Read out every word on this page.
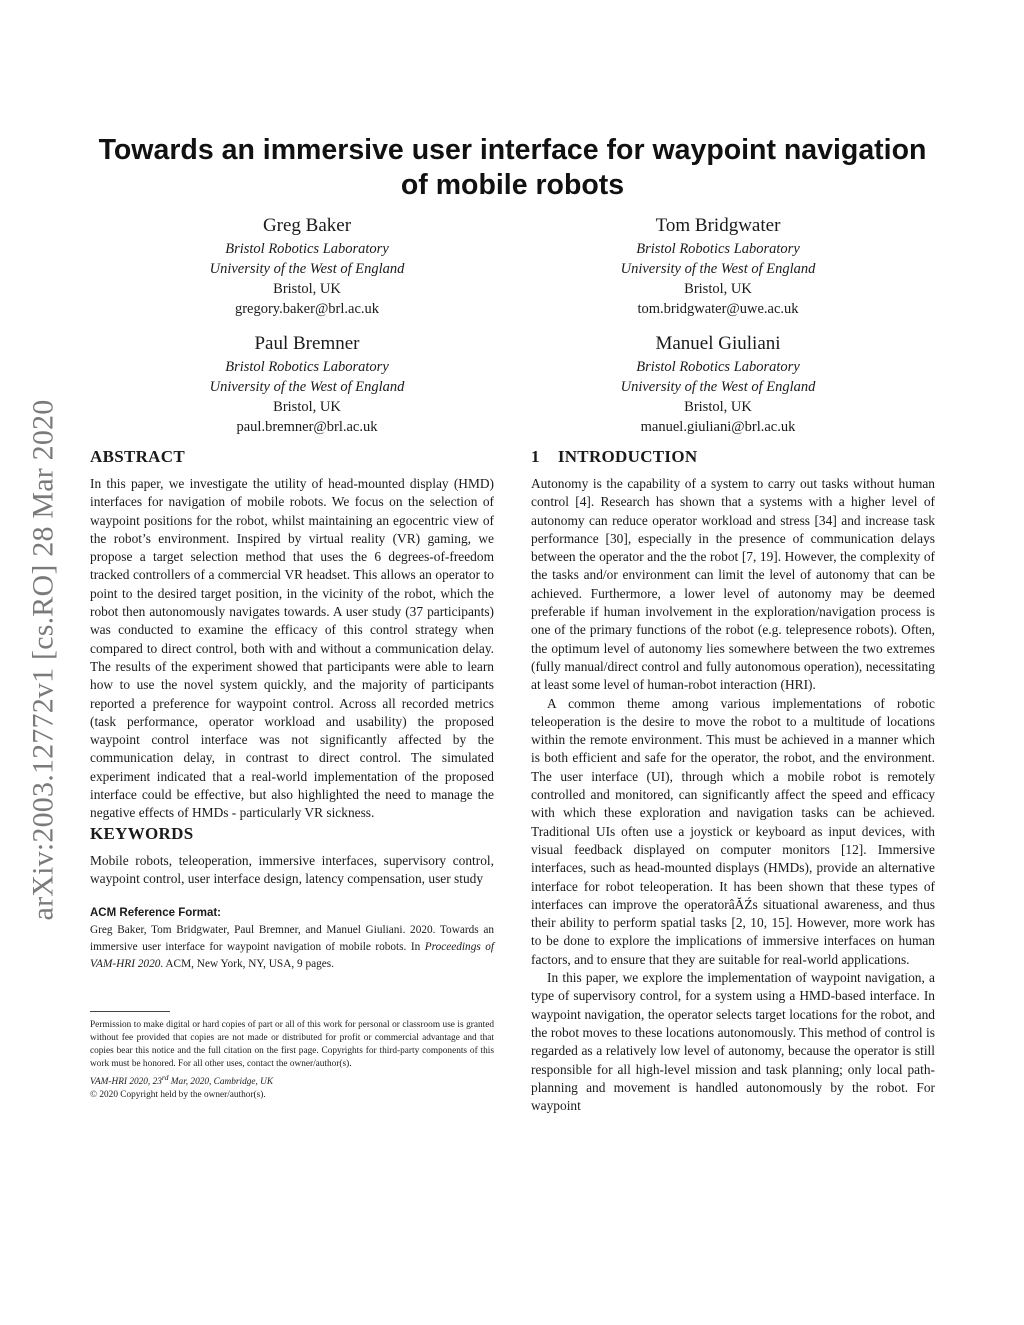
arXiv:2003.12772v1 [cs.RO] 28 Mar 2020
Towards an immersive user interface for waypoint navigation of mobile robots
Greg Baker
Bristol Robotics Laboratory
University of the West of England
Bristol, UK
gregory.baker@brl.ac.uk
Tom Bridgwater
Bristol Robotics Laboratory
University of the West of England
Bristol, UK
tom.bridgwater@uwe.ac.uk
Paul Bremner
Bristol Robotics Laboratory
University of the West of England
Bristol, UK
paul.bremner@brl.ac.uk
Manuel Giuliani
Bristol Robotics Laboratory
University of the West of England
Bristol, UK
manuel.giuliani@brl.ac.uk
ABSTRACT

In this paper, we investigate the utility of head-mounted display (HMD) interfaces for navigation of mobile robots. We focus on the selection of waypoint positions for the robot, whilst maintaining an egocentric view of the robot’s environment. Inspired by virtual reality (VR) gaming, we propose a target selection method that uses the 6 degrees-of-freedom tracked controllers of a commercial VR headset. This allows an operator to point to the desired target position, in the vicinity of the robot, which the robot then autonomously navigates towards. A user study (37 participants) was conducted to examine the efficacy of this control strategy when compared to direct control, both with and without a communication delay. The results of the experiment showed that participants were able to learn how to use the novel system quickly, and the majority of participants reported a preference for waypoint control. Across all recorded metrics (task performance, operator workload and usability) the proposed waypoint control interface was not significantly affected by the communication delay, in contrast to direct control. The simulated experiment indicated that a real-world implementation of the proposed interface could be effective, but also highlighted the need to manage the negative effects of HMDs - particularly VR sickness.

KEYWORDS

Mobile robots, teleoperation, immersive interfaces, supervisory control, waypoint control, user interface design, latency compensation, user study

ACM Reference Format:
Greg Baker, Tom Bridgwater, Paul Bremner, and Manuel Giuliani. 2020. Towards an immersive user interface for waypoint navigation of mobile robots. In Proceedings of VAM-HRI 2020. ACM, New York, NY, USA, 9 pages.
Permission to make digital or hard copies of part or all of this work for personal or classroom use is granted without fee provided that copies are not made or distributed for profit or commercial advantage and that copies bear this notice and the full citation on the first page. Copyrights for third-party components of this work must be honored. For all other uses, contact the owner/author(s).
VAM-HRI 2020, 23rd Mar, 2020, Cambridge, UK
© 2020 Copyright held by the owner/author(s).
1 INTRODUCTION

Autonomy is the capability of a system to carry out tasks without human control [4]. Research has shown that a systems with a higher level of autonomy can reduce operator workload and stress [34] and increase task performance [30], especially in the presence of communication delays between the operator and the the robot [7, 19]. However, the complexity of the tasks and/or environment can limit the level of autonomy that can be achieved. Furthermore, a lower level of autonomy may be deemed preferable if human involvement in the exploration/navigation process is one of the primary functions of the robot (e.g. telepresence robots). Often, the optimum level of autonomy lies somewhere between the two extremes (fully manual/direct control and fully autonomous operation), necessitating at least some level of human-robot interaction (HRI).

A common theme among various implementations of robotic teleoperation is the desire to move the robot to a multitude of locations within the remote environment. This must be achieved in a manner which is both efficient and safe for the operator, the robot, and the environment. The user interface (UI), through which a mobile robot is remotely controlled and monitored, can significantly affect the speed and efficacy with which these exploration and navigation tasks can be achieved. Traditional UIs often use a joystick or keyboard as input devices, with visual feedback displayed on computer monitors [12]. Immersive interfaces, such as head-mounted displays (HMDs), provide an alternative interface for robot teleoperation. It has been shown that these types of interfaces can improve the operatorâĂŹs situational awareness, and thus their ability to perform spatial tasks [2, 10, 15]. However, more work has to be done to explore the implications of immersive interfaces on human factors, and to ensure that they are suitable for real-world applications.

In this paper, we explore the implementation of waypoint navigation, a type of supervisory control, for a system using a HMD-based interface. In waypoint navigation, the operator selects target locations for the robot, and the robot moves to these locations autonomously. This method of control is regarded as a relatively low level of autonomy, because the operator is still responsible for all high-level mission and task planning; only local path-planning and movement is handled autonomously by the robot. For waypoint
